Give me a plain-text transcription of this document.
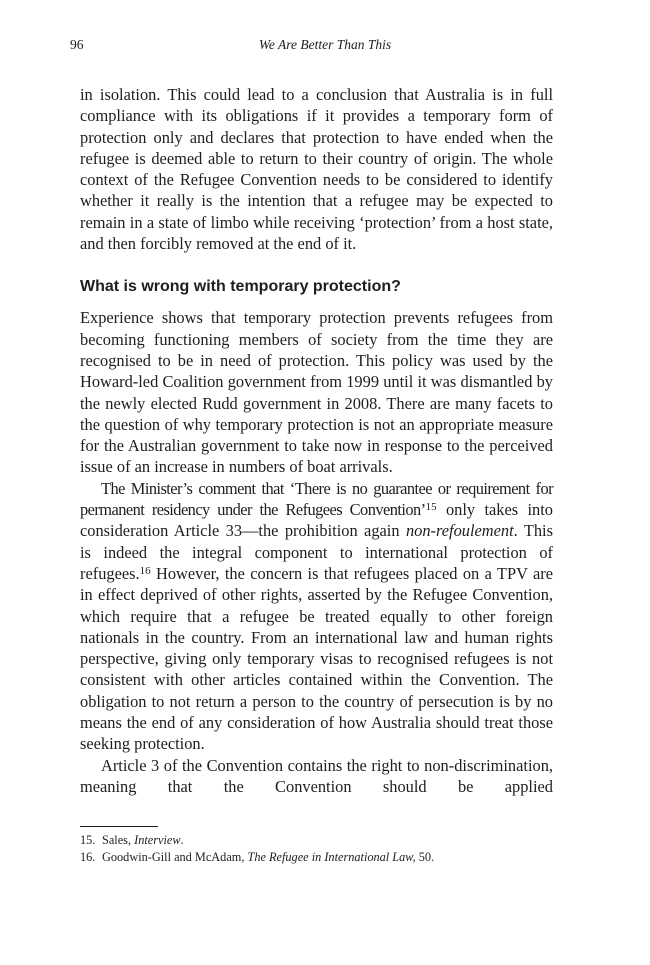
96	We Are Better Than This

in isolation. This could lead to a conclusion that Australia is in full compliance with its obligations if it provides a temporary form of protection only and declares that protection to have ended when the refugee is deemed able to return to their country of origin. The whole context of the Refugee Convention needs to be considered to identify whether it really is the intention that a refugee may be expected to remain in a state of limbo while receiving ‘protection’ from a host state, and then forcibly removed at the end of it.

What is wrong with temporary protection?

Experience shows that temporary protection prevents refugees from becoming functioning members of society from the time they are recognised to be in need of protection. This policy was used by the Howard-led Coalition government from 1999 until it was dismantled by the newly elected Rudd government in 2008. There are many facets to the question of why temporary protection is not an appropriate measure for the Australian government to take now in response to the perceived issue of an increase in numbers of boat arrivals.

The Minister’s comment that ‘There is no guarantee or requirement for permanent residency under the Refugees Convention’$^{15}$ only takes into consideration Article 33—the prohibition again non-refoulement. This is indeed the integral component to international protection of refugees.$^{16}$ However, the concern is that refugees placed on a TPV are in effect deprived of other rights, asserted by the Refugee Convention, which require that a refugee be treated equally to other foreign nationals in the country. From an international law and human rights perspective, giving only temporary visas to recognised refugees is not consistent with other articles contained within the Convention. The obligation to not return a person to the country of persecution is by no means the end of any consideration of how Australia should treat those seeking protection.

Article 3 of the Convention contains the right to non-discrimination, meaning that the Convention should be applied

15. Sales, Interview.
16. Goodwin-Gill and McAdam, The Refugee in International Law, 50.
